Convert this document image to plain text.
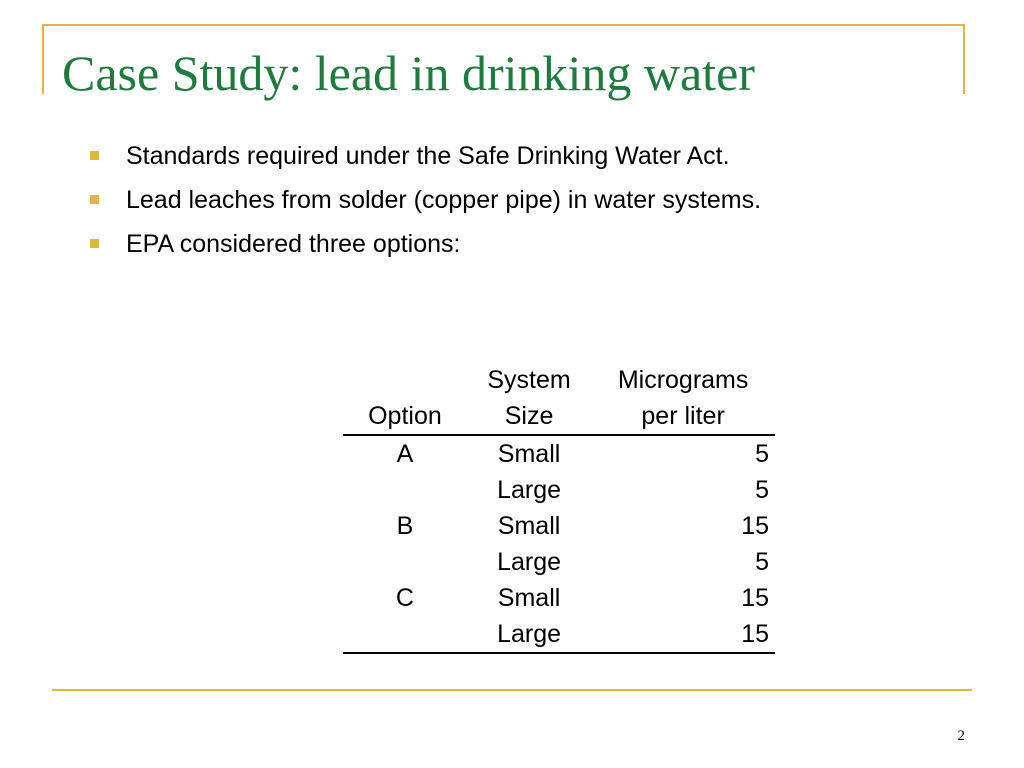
Case Study: lead in drinking water
Standards required under the Safe Drinking Water Act.
Lead leaches from solder (copper pipe) in water systems.
EPA considered three options:
	System	Micrograms
Option	Size	per liter
A	Small	5
	Large	5
B	Small	15
	Large	5
C	Small	15
	Large	15
2
